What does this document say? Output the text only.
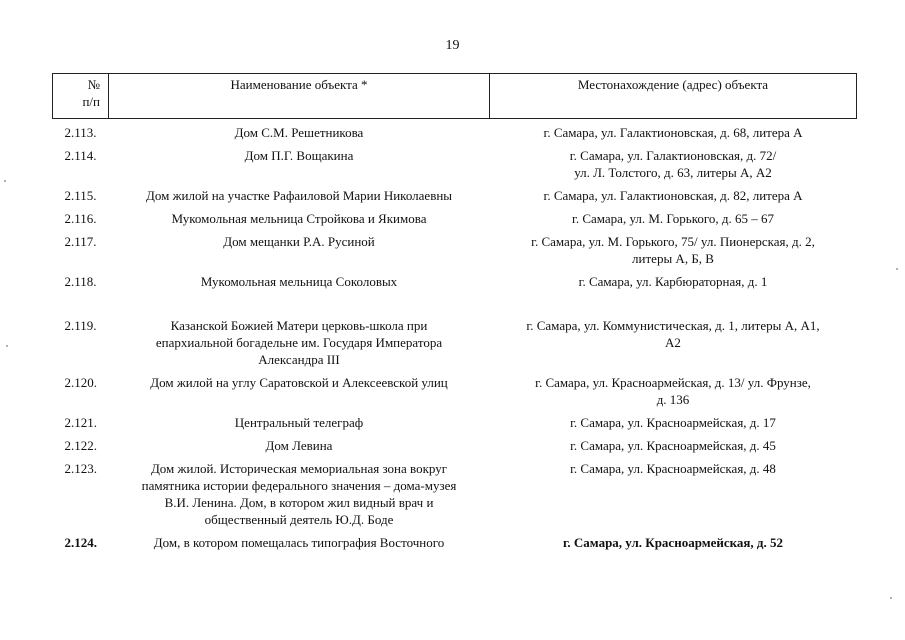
19
№
п/п	Наименование объекта *	Местонахождение (адрес) объекта

2.113.	Дом С.М. Решетникова	г. Самара, ул. Галактионовская, д. 68, литера А

2.114.	Дом П.Г. Вощакина	г. Самара, ул. Галактионовская, д. 72/
ул. Л. Толстого, д. 63, литеры А, А2

2.115.	Дом жилой на участке Рафаиловой Марии Николаевны	г. Самара, ул. Галактионовская, д. 82, литера А

2.116.	Мукомольная мельница Стройкова и Якимова	г. Самара, ул. М. Горького, д. 65 – 67

2.117.	Дом мещанки Р.А. Русиной	г. Самара, ул. М. Горького, 75/ ул. Пионерская, д. 2,
литеры А, Б, В

2.118.	Мукомольная мельница Соколовых	г. Самара, ул. Карбюраторная, д. 1

2.119.	Казанской Божией Матери церковь-школа при
епархиальной богадельне им. Государя Императора
Александра III	г. Самара, ул. Коммунистическая, д. 1, литеры А, А1,
А2

2.120.	Дом жилой на углу Саратовской и Алексеевской улиц	г. Самара, ул. Красноармейская, д. 13/ ул. Фрунзе,
д. 136

2.121.	Центральный телеграф	г. Самара, ул. Красноармейская, д. 17

2.122.	Дом Левина	г. Самара, ул. Красноармейская, д. 45

2.123.	Дом жилой. Историческая мемориальная зона вокруг
памятника истории федерального значения – дома-музея
В.И. Ленина. Дом, в котором жил видный врач и
общественный деятель Ю.Д. Боде	г. Самара, ул. Красноармейская, д. 48

2.124.	Дом, в котором помещалась типография Восточного	г. Самара, ул. Красноармейская, д. 52
